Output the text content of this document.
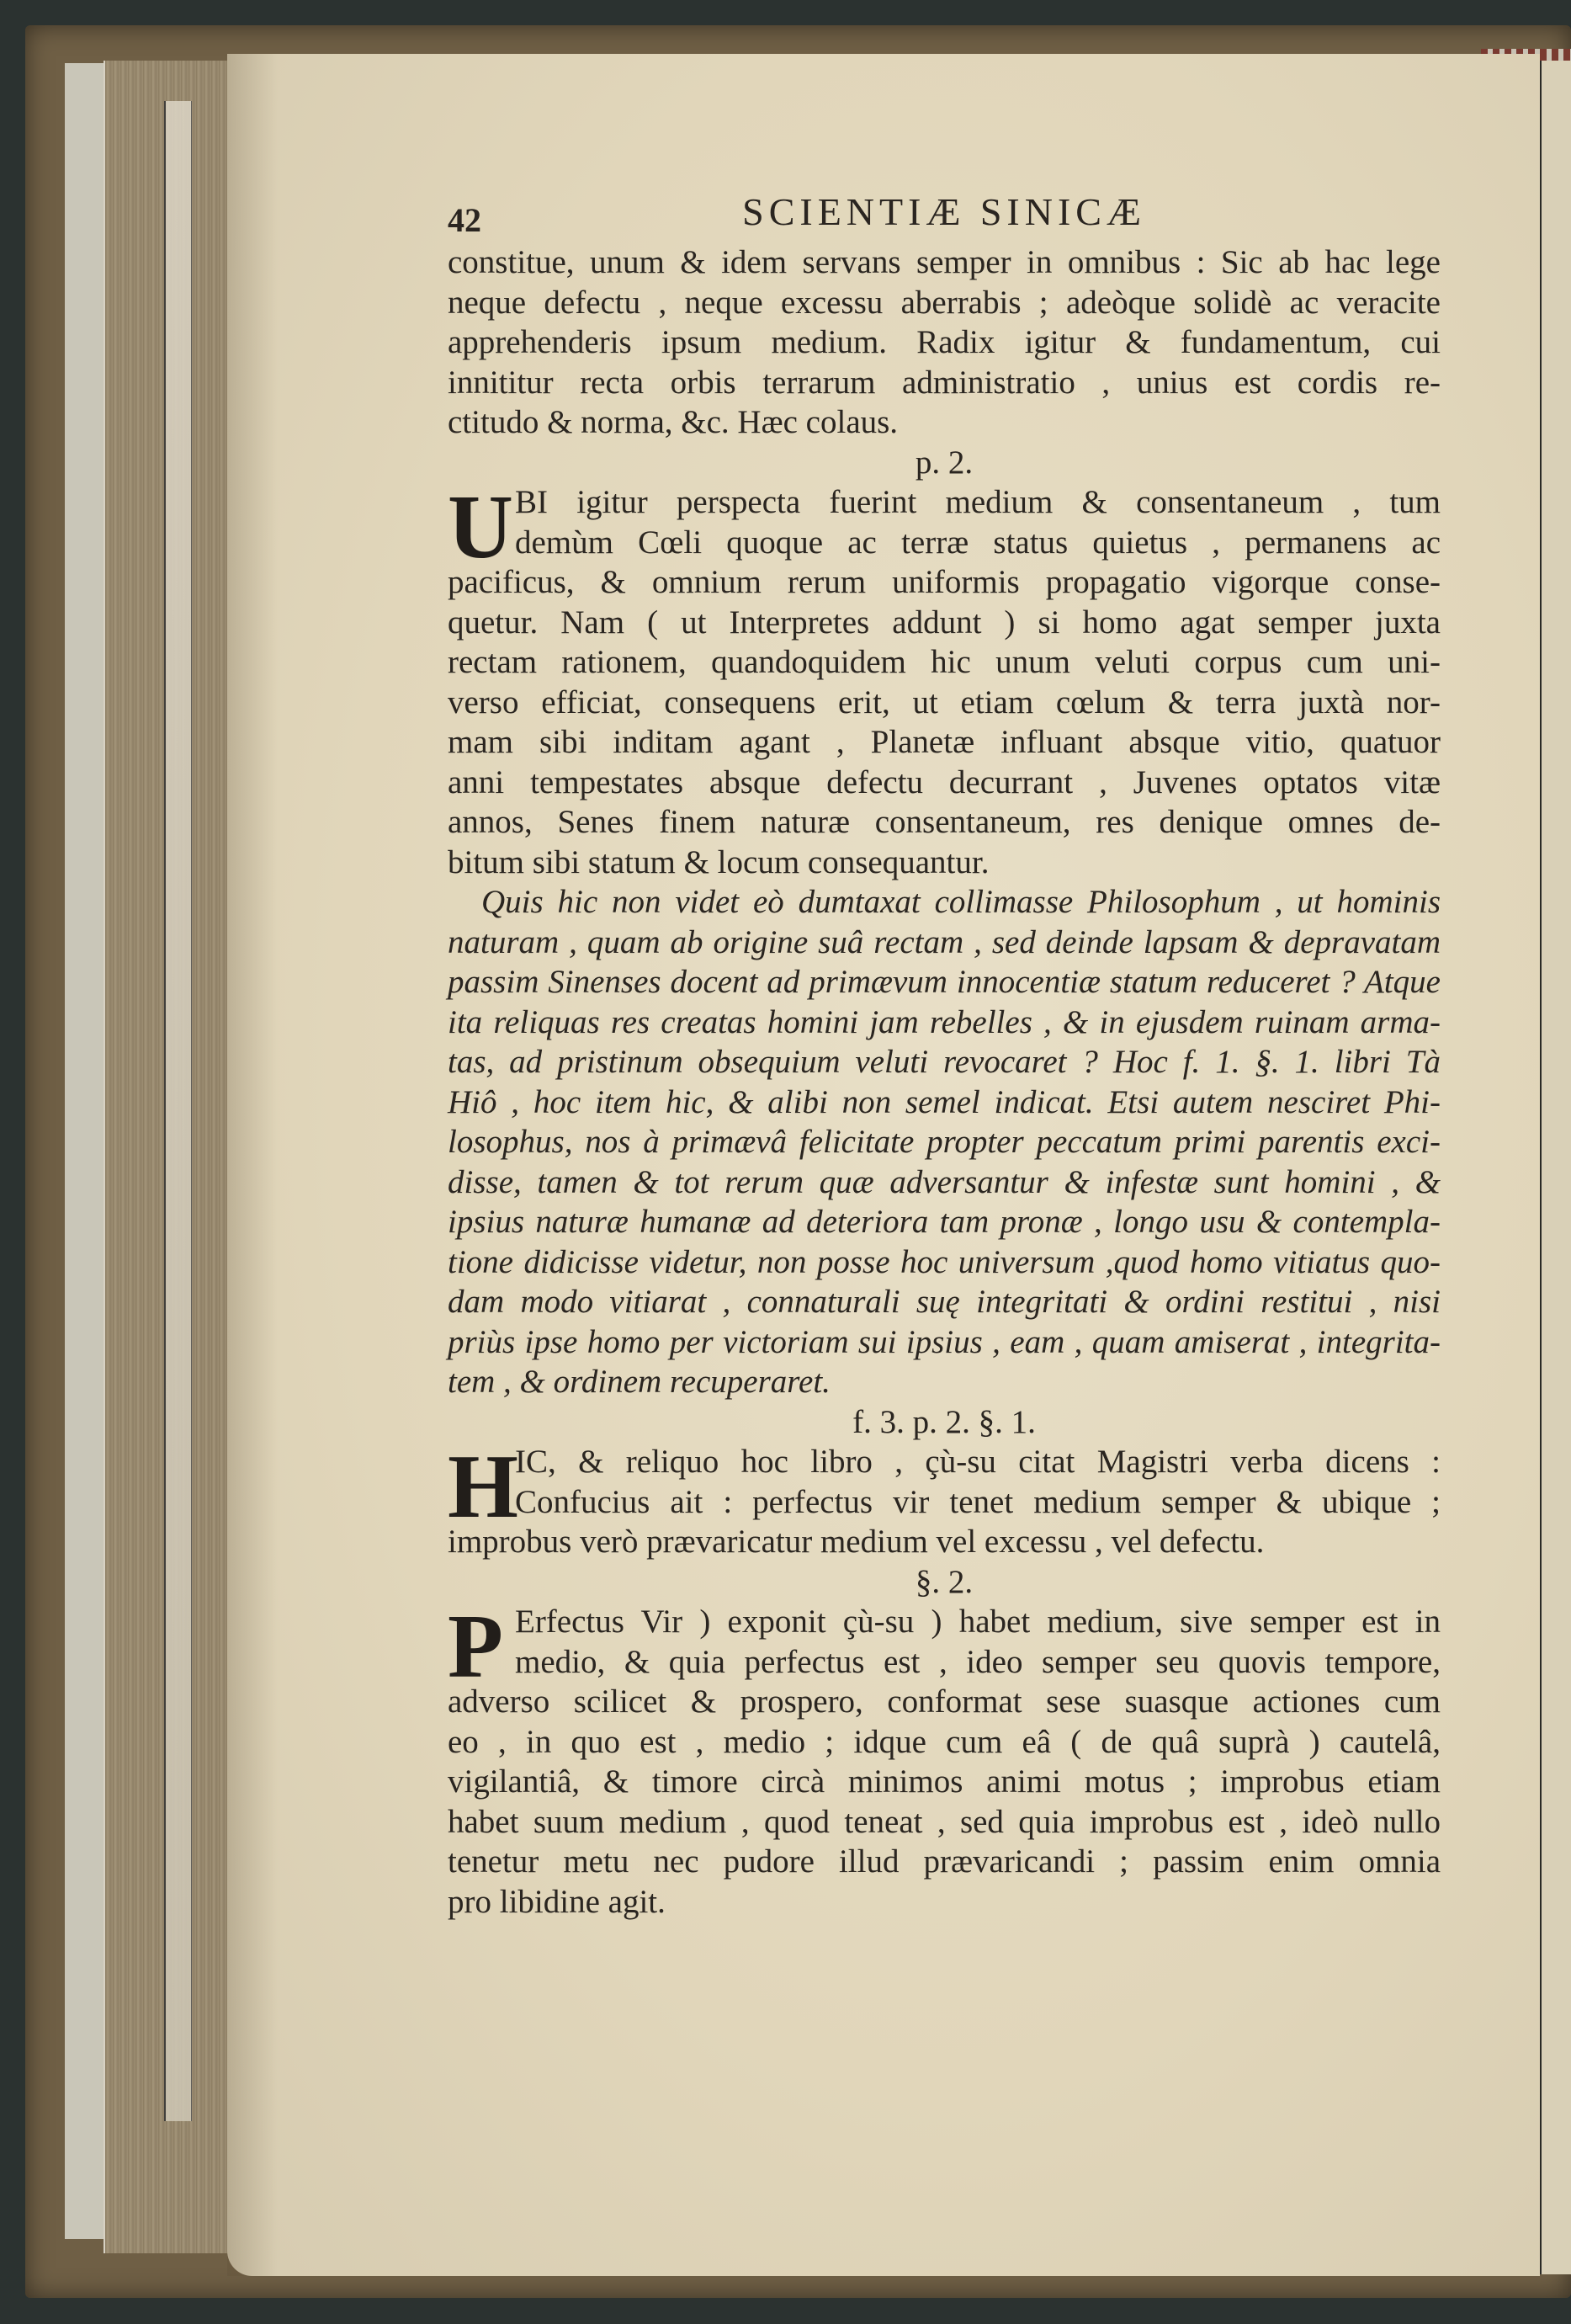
42	SCIENTIÆ SINICÆ
constitue, unum & idem servans semper in omnibus : Sic ab hac lege
neque defectu , neque excessu aberrabis ; adeòque solidè ac veracite
apprehenderis ipsum medium. Radix igitur & fundamentum, cui
innititur recta orbis terrarum administratio , unius est cordis re-
ctitudo & norma, &c. Hæc colaus.
p. 2.
U BI igitur perspecta fuerint medium & consentaneum , tum
demùm Cœli quoque ac terræ status quietus , permanens ac
pacificus, & omnium rerum uniformis propagatio vigorque conse-
quetur. Nam ( ut Interpretes addunt ) si homo agat semper juxta
rectam rationem, quandoquidem hic unum veluti corpus cum uni-
verso efficiat, consequens erit, ut etiam cœlum & terra juxtà nor-
mam sibi inditam agant , Planetæ influant absque vitio, quatuor
anni tempestates absque defectu decurrant , Juvenes optatos vitæ
annos, Senes finem naturæ consentaneum, res denique omnes de-
bitum sibi statum & locum consequantur.
Quis hic non videt eò dumtaxat collimasse Philosophum , ut hominis
naturam , quam ab origine suâ rectam , sed deinde lapsam & depravatam
passim Sinenses docent ad primævum innocentiæ statum reduceret ? Atque
ita reliquas res creatas homini jam rebelles , & in ejusdem ruinam arma-
tas, ad pristinum obsequium veluti revocaret ? Hoc f. 1. §. 1. libri Tà
Hiô , hoc item hic, & alibi non semel indicat. Etsi autem nesciret Phi-
losophus, nos à primævâ felicitate propter peccatum primi parentis exci-
disse, tamen & tot rerum quæ adversantur & infestæ sunt homini , &
ipsius naturæ humanæ ad deteriora tam pronæ , longo usu & contempla-
tione didicisse videtur, non posse hoc universum ,quod homo vitiatus quo-
dam modo vitiarat , connaturali suę integritati & ordini restitui , nisi
priùs ipse homo per victoriam sui ipsius , eam , quam amiserat , integrita-
tem , & ordinem recuperaret.
f. 3. p. 2. §. 1.
H
IC, & reliquo hoc libro , çù-su citat Magistri verba dicens :
Confucius ait : perfectus vir tenet medium semper & ubique ;
improbus verò prævaricatur medium vel excessu , vel defectu.
§. 2.
P Erfectus Vir ) exponit çù-su ) habet medium, sive semper est in
medio, & quia perfectus est , ideo semper seu quovis tempore,
adverso scilicet & prospero, conformat sese suasque actiones cum
eo , in quo est , medio ; idque cum eâ ( de quâ suprà ) cautelâ,
vigilantiâ, & timore circà minimos animi motus ; improbus etiam
habet suum medium , quod teneat , sed quia improbus est , ideò nullo
tenetur metu nec pudore illud prævaricandi ; passim enim omnia
pro libidine agit.
